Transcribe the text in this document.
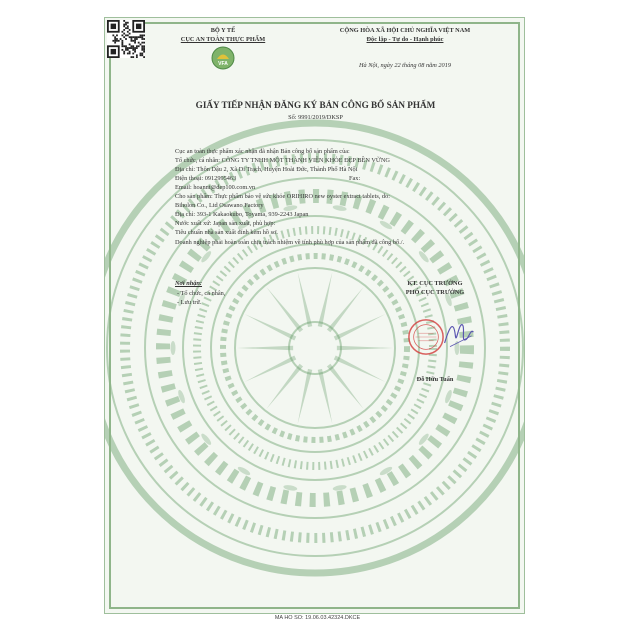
BỘ Y TẾ
CỤC AN TOÀN THỰC PHẨM
VFA
CỘNG HÒA XÃ HỘI CHỦ NGHĨA VIỆT NAM
Độc lập - Tự do - Hạnh phúc
Hà Nội, ngày 22 tháng 08 năm 2019
GIẤY TIẾP NHẬN ĐĂNG KÝ BẢN CÔNG BỐ SẢN PHẨM
Số: 9991/2019/DKSP
Cục an toàn thực phẩm xác nhận đã nhận Bản công bố sản phẩm của:
Tổ chức, cá nhân: CÔNG TY TNHH MỘT THÀNH VIÊN KHỎE ĐẸP BỀN VỮNG
Địa chỉ: Thôn Dậu 2, Xã Di Trạch, Huyện Hoài Đức, Thành Phố Hà Nội
Điện thoại: 0912995463	Fax:
Email: hoannt@dep100.com.vn
Cho sản phẩm: Thực phẩm bảo vệ sức khỏe ORIHIRO new oyster extract tablets, do:
Biholon Co., Ltd Osawano Factory
Địa chỉ: 393-1 Kakaokubo, Toyama, 939-2243 Japan
Nước xuất xứ: Japan sản xuất, phù hợp:
Tiêu chuẩn nhà sản xuất đính kèm hồ sơ.
Doanh nghiệp phải hoàn toàn chịu trách nhiệm về tính phù hợp của sản phẩm đã công bố./.
Nơi nhận:
- Tổ chức, cá nhân,
- Lưu trữ.
KT. CỤC TRƯỞNG
PHÓ CỤC TRƯỞNG
Đỗ Hữu Tuấn
MA HO SO: 19.06.03.42324.DKCE
